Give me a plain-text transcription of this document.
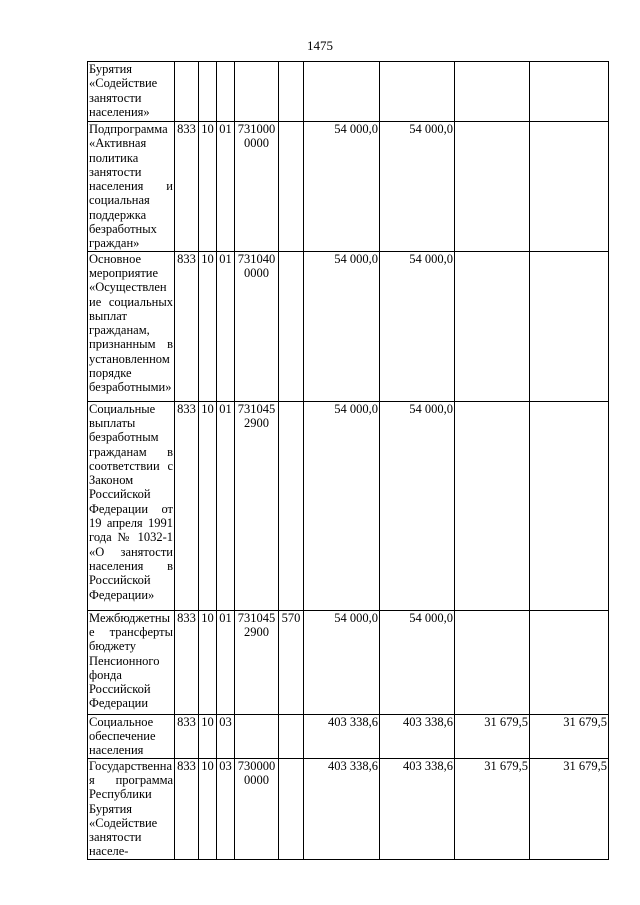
1475
Бурятия «Содействие занятости населения»									
Подпрограмма «Активная политика занятости населения и социальная поддержка безработных граждан»	833	10	01	731000 0000		54 000,0	54 000,0		
Основное мероприятие «Осуществление социальных выплат гражданам, признанным в установленном порядке безработными»	833	10	01	731040 0000		54 000,0	54 000,0		
Социальные выплаты безработным гражданам в соответствии с Законом Российской Федерации от 19 апреля 1991 года № 1032-1 «О занятости населения в Российской Федерации»	833	10	01	731045 2900		54 000,0	54 000,0		
Межбюджетные трансферты бюджету Пенсионного фонда Российской Федерации	833	10	01	731045 2900	570	54 000,0	54 000,0		
Социальное обеспечение населения	833	10	03			403 338,6	403 338,6	31 679,5	31 679,5
Государственная программа Республики Бурятия «Содействие занятости населе-	833	10	03	730000 0000		403 338,6	403 338,6	31 679,5	31 679,5
